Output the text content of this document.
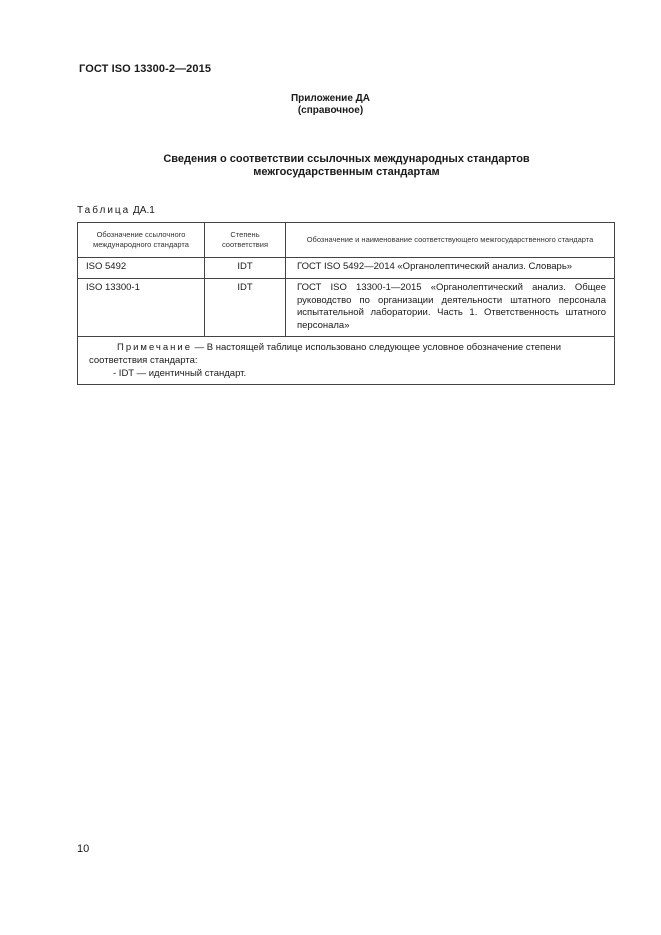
ГОСТ ISO 13300-2—2015
Приложение ДА
(справочное)
Сведения о соответствии ссылочных международных стандартов
межгосударственным стандартам
Таблица ДА.1
Обозначение ссылочного международного стандарта	Степень соответствия	Обозначение и наименование соответствующего межгосударственного стандарта
ISO 5492	IDT	ГОСТ ISO 5492—2014 «Органолептический анализ. Словарь»
ISO 13300-1	IDT	ГОСТ ISO 13300-1—2015 «Органолептический анализ. Общее руководство по организации деятельности штатного персонала испытательной лаборатории. Часть 1. Ответственность штатного персонала»
Примечание — В настоящей таблице использовано следующее условное обозначение степени соответствия стандарта:
- IDT — идентичный стандарт.		
10
